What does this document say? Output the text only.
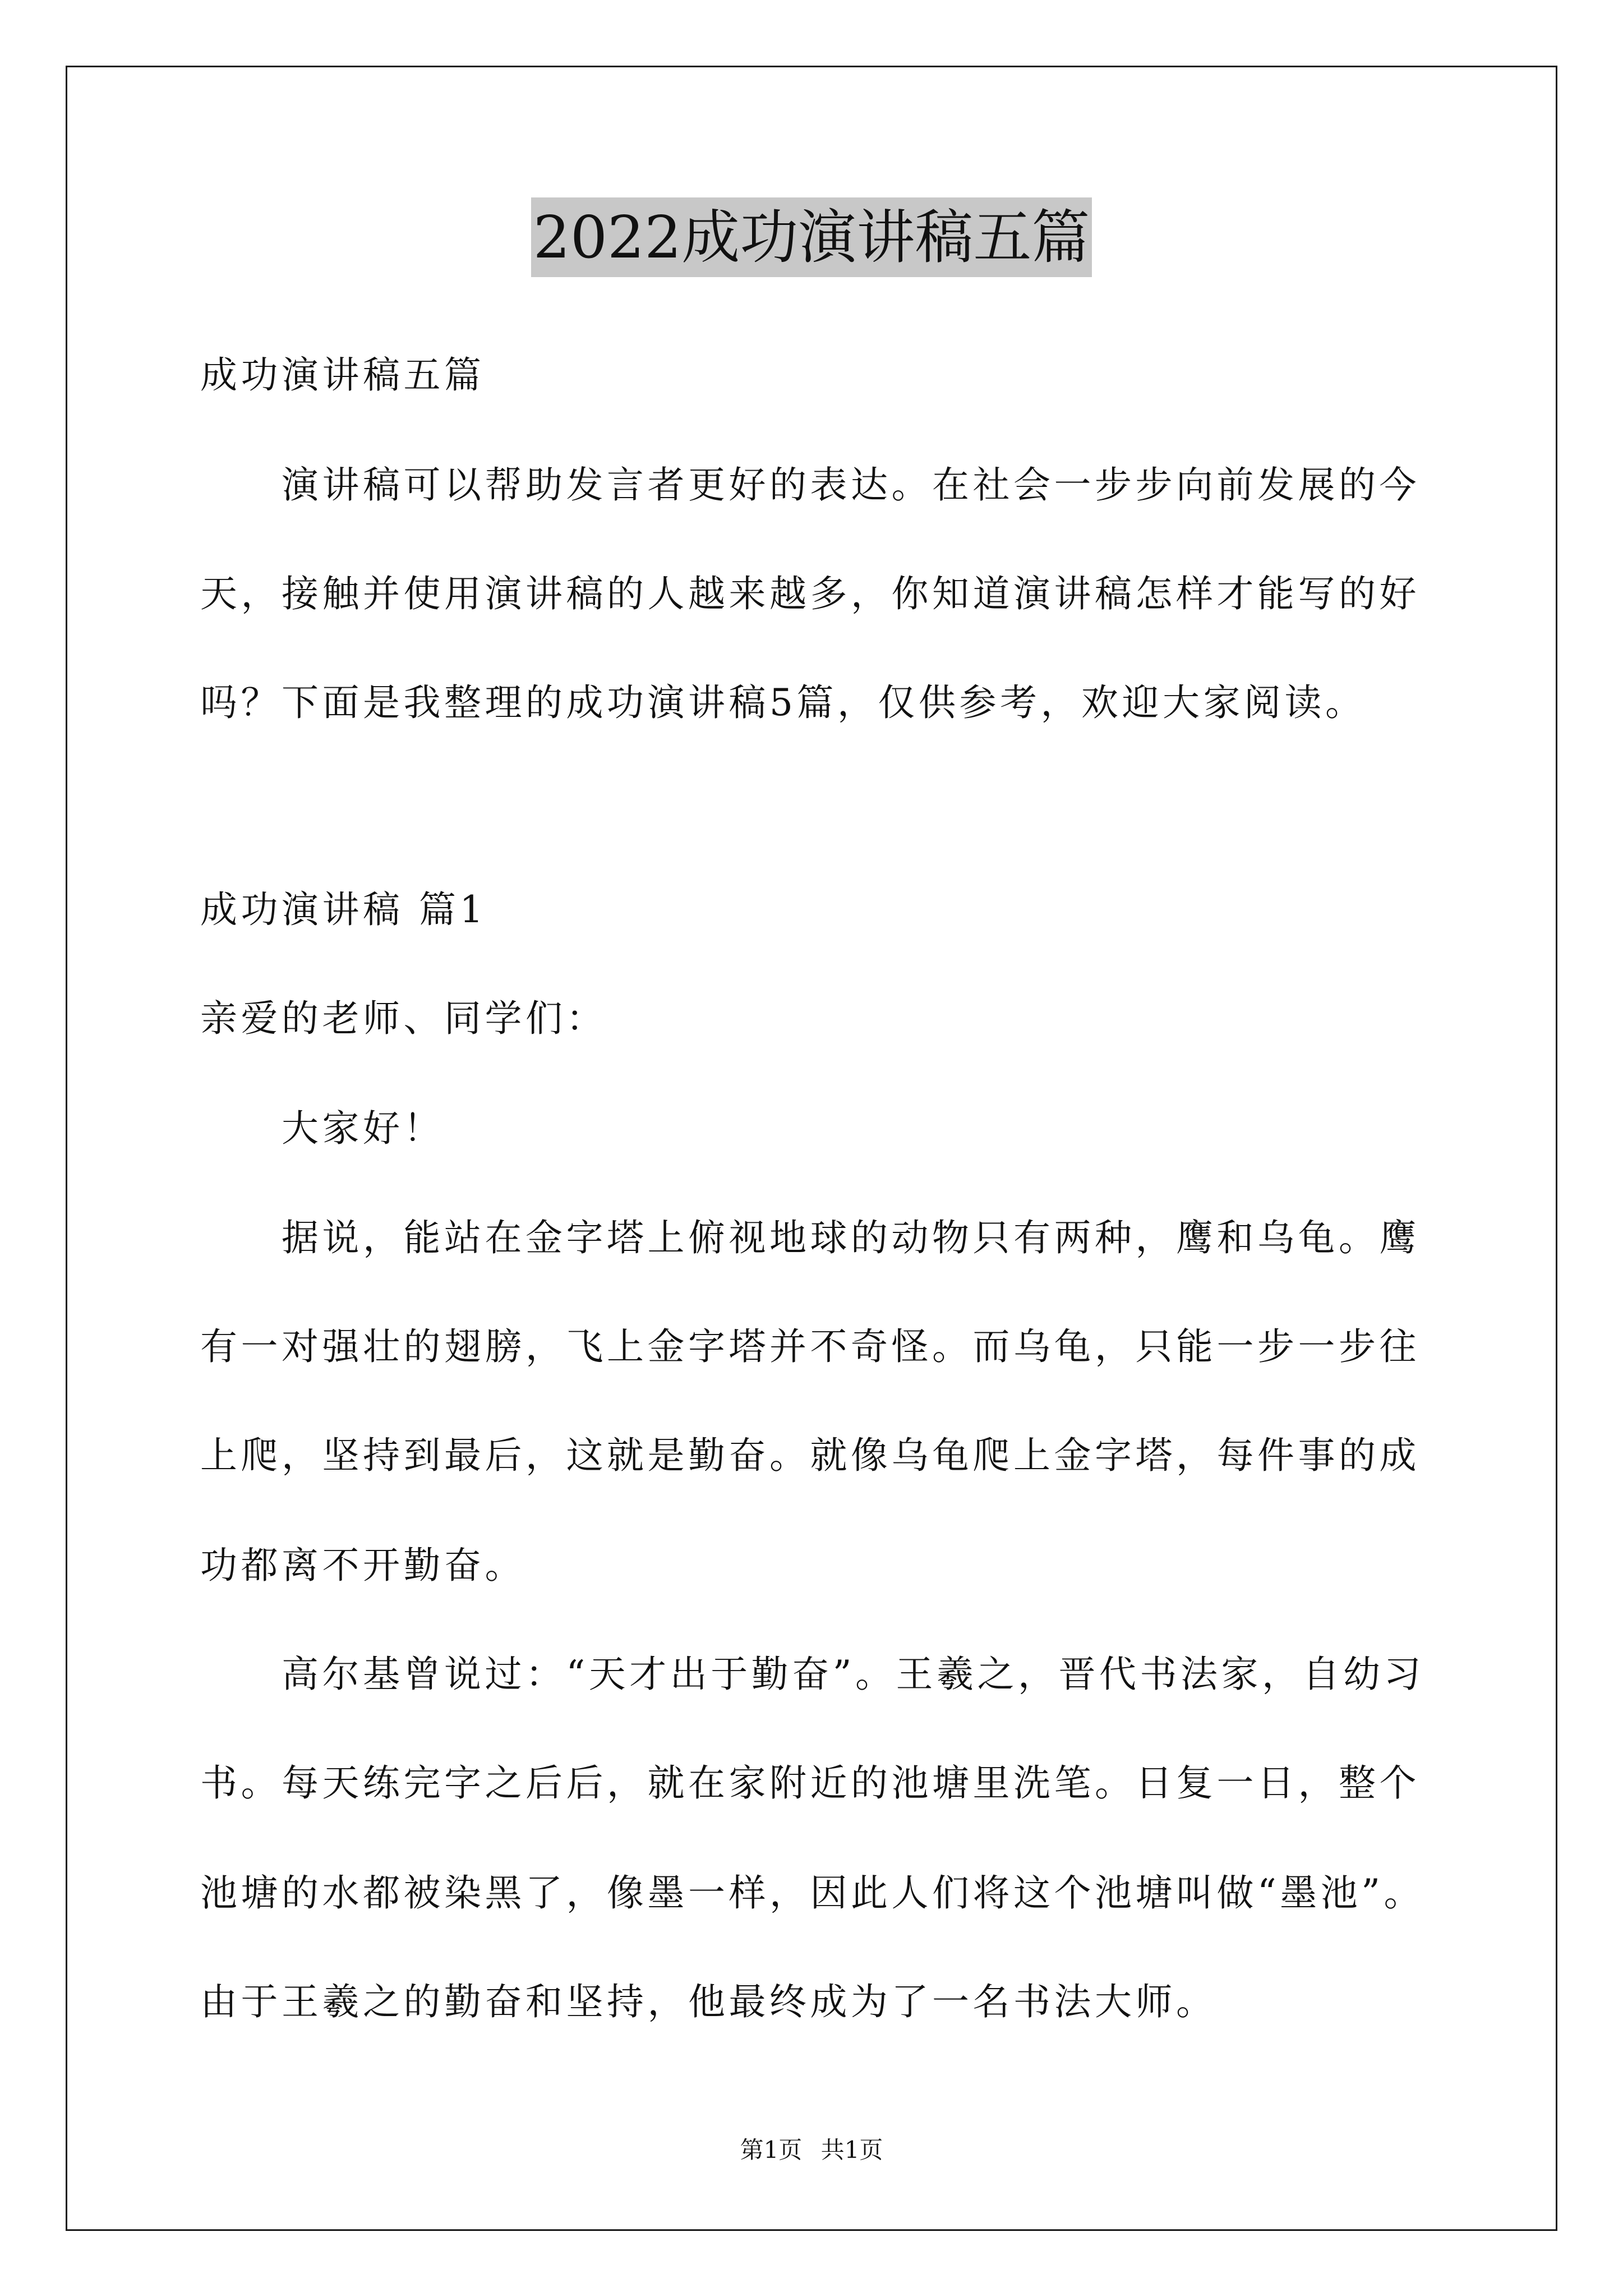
2022成功演讲稿五篇
成功演讲稿五篇
演讲稿可以帮助发言者更好的表达。在社会一步步向前发展的今
天，接触并使用演讲稿的人越来越多，你知道演讲稿怎样才能写的好
吗？下面是我整理的成功演讲稿5篇，仅供参考，欢迎大家阅读。
成功演讲稿 篇1
亲爱的老师、同学们：
大家好！
据说，能站在金字塔上俯视地球的动物只有两种，鹰和乌龟。鹰
有一对强壮的翅膀，飞上金字塔并不奇怪。而乌龟，只能一步一步往
上爬，坚持到最后，这就是勤奋。就像乌龟爬上金字塔，每件事的成
功都离不开勤奋。
高尔基曾说过：“天才出于勤奋”。王羲之，晋代书法家，自幼习
书。每天练完字之后后，就在家附近的池塘里洗笔。日复一日，整个
池塘的水都被染黑了，像墨一样，因此人们将这个池塘叫做“墨池”。
由于王羲之的勤奋和坚持，他最终成为了一名书法大师。
第1页 共1页
